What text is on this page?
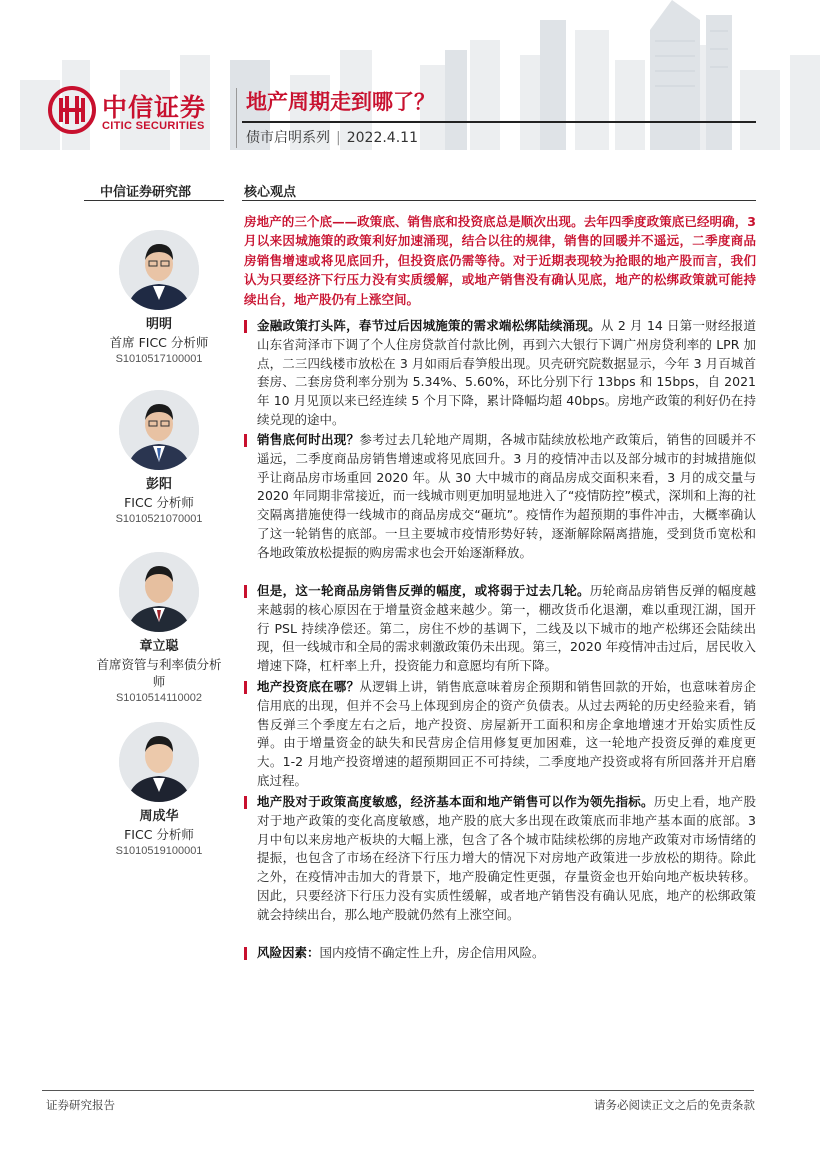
中信证券
CITIC SECURITIES
地产周期走到哪了？
债市启明系列 | 2022.4.11
中信证券研究部	核心观点
明明
首席 FICC 分析师
S1010517100001
彭阳
FICC 分析师
S1010521070001
章立聪
首席资管与利率债分析师
S1010514110002
周成华
FICC 分析师
S1010519100001
房地产的三个底——政策底、销售底和投资底总是顺次出现。去年四季度政策底已经明确，3 月以来因城施策的政策利好加速涌现，结合以往的规律，销售的回暖并不遥远，二季度商品房销售增速或将见底回升，但投资底仍需等待。对于近期表现较为抢眼的地产股而言，我们认为只要经济下行压力没有实质缓解，或地产销售没有确认见底，地产的松绑政策就可能持续出台，地产股仍有上涨空间。
金融政策打头阵，春节过后因城施策的需求端松绑陆续涌现。从 2 月 14 日第一财经报道山东省菏泽市下调了个人住房贷款首付款比例，再到六大银行下调广州房贷利率的 LPR 加点，二三四线楼市放松在 3 月如雨后春笋般出现。贝壳研究院数据显示，今年 3 月百城首套房、二套房贷利率分别为 5.34%、5.60%，环比分别下行 13bps 和 15bps，自 2021 年 10 月见顶以来已经连续 5 个月下降，累计降幅均超 40bps。房地产政策的利好仍在持续兑现的途中。
销售底何时出现？参考过去几轮地产周期，各城市陆续放松地产政策后，销售的回暖并不遥远，二季度商品房销售增速或将见底回升。3 月的疫情冲击以及部分城市的封城措施似乎让商品房市场重回 2020 年。从 30 大中城市的商品房成交面积来看，3 月的成交量与 2020 年同期非常接近，而一线城市则更加明显地进入了“疫情防控”模式，深圳和上海的社交隔离措施使得一线城市的商品房成交“砸坑”。疫情作为超预期的事件冲击，大概率确认了这一轮销售的底部。一旦主要城市疫情形势好转，逐渐解除隔离措施，受到货币宽松和各地政策放松提振的购房需求也会开始逐渐释放。
但是，这一轮商品房销售反弹的幅度，或将弱于过去几轮。历轮商品房销售反弹的幅度越来越弱的核心原因在于增量资金越来越少。第一，棚改货币化退潮，难以重现江湖，国开行 PSL 持续净偿还。第二，房住不炒的基调下，二线及以下城市的地产松绑还会陆续出现，但一线城市和全局的需求刺激政策仍未出现。第三，2020 年疫情冲击过后，居民收入增速下降，杠杆率上升，投资能力和意愿均有所下降。
地产投资底在哪？从逻辑上讲，销售底意味着房企预期和销售回款的开始，也意味着房企信用底的出现，但并不会马上体现到房企的资产负债表。从过去两轮的历史经验来看，销售反弹三个季度左右之后，地产投资、房屋新开工面积和房企拿地增速才开始实质性反弹。由于增量资金的缺失和民营房企信用修复更加困难，这一轮地产投资反弹的难度更大。1-2 月地产投资增速的超预期回正不可持续，二季度地产投资或将有所回落并开启磨底过程。
地产股对于政策高度敏感，经济基本面和地产销售可以作为领先指标。历史上看，地产股对于地产政策的变化高度敏感，地产股的底大多出现在政策底而非地产基本面的底部。3 月中旬以来房地产板块的大幅上涨，包含了各个城市陆续松绑的房地产政策对市场情绪的提振，也包含了市场在经济下行压力增大的情况下对房地产政策进一步放松的期待。除此之外，在疫情冲击加大的背景下，地产股确定性更强，存量资金也开始向地产板块转移。因此，只要经济下行压力没有实质性缓解，或者地产销售没有确认见底，地产的松绑政策就会持续出台，那么地产股就仍然有上涨空间。
风险因素：国内疫情不确定性上升，房企信用风险。
证券研究报告	请务必阅读正文之后的免责条款
